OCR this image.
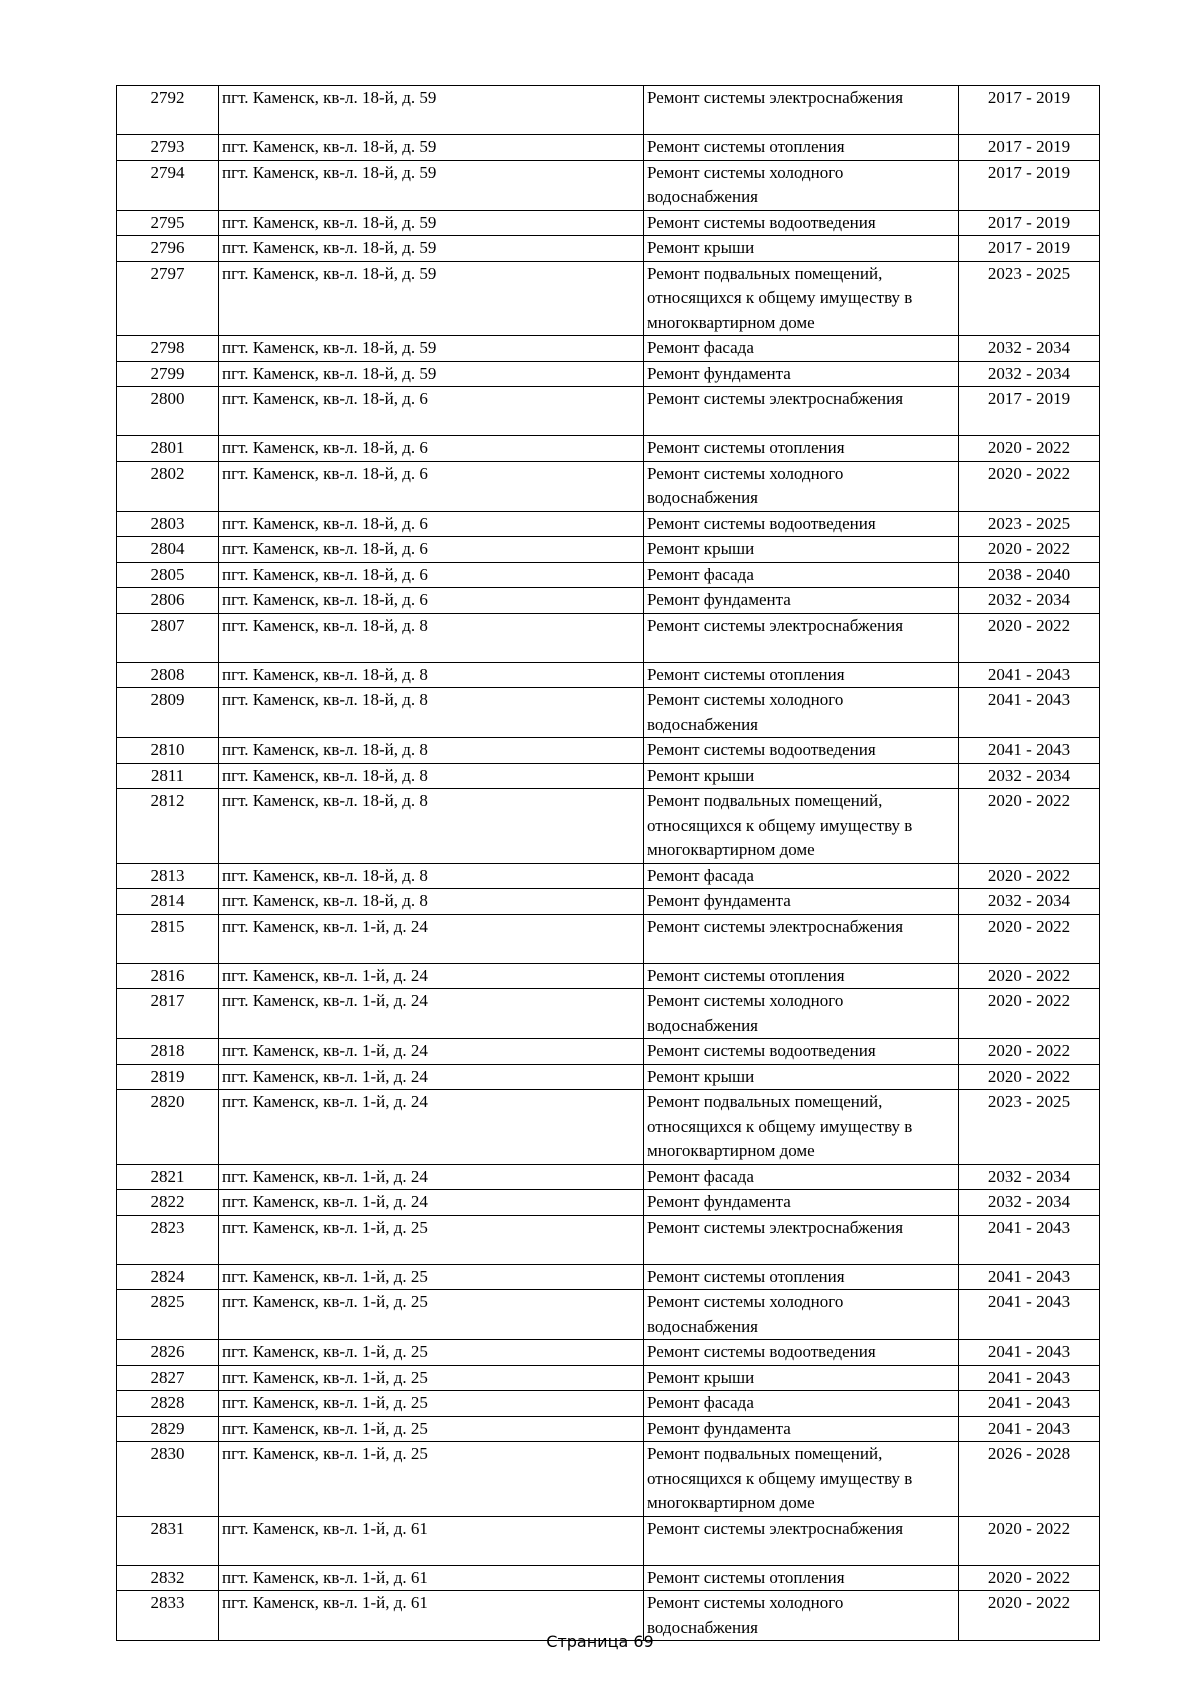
2792	пгт. Каменск, кв-л. 18-й, д. 59	Ремонт системы электроснабжения	2017 - 2019
2793	пгт. Каменск, кв-л. 18-й, д. 59	Ремонт системы отопления	2017 - 2019
2794	пгт. Каменск, кв-л. 18-й, д. 59	Ремонт системы холодного водоснабжения	2017 - 2019
2795	пгт. Каменск, кв-л. 18-й, д. 59	Ремонт системы водоотведения	2017 - 2019
2796	пгт. Каменск, кв-л. 18-й, д. 59	Ремонт крыши	2017 - 2019
2797	пгт. Каменск, кв-л. 18-й, д. 59	Ремонт подвальных помещений, относящихся к общему имуществу в многоквартирном доме	2023 - 2025
2798	пгт. Каменск, кв-л. 18-й, д. 59	Ремонт фасада	2032 - 2034
2799	пгт. Каменск, кв-л. 18-й, д. 59	Ремонт фундамента	2032 - 2034
2800	пгт. Каменск, кв-л. 18-й, д. 6	Ремонт системы электроснабжения	2017 - 2019
2801	пгт. Каменск, кв-л. 18-й, д. 6	Ремонт системы отопления	2020 - 2022
2802	пгт. Каменск, кв-л. 18-й, д. 6	Ремонт системы холодного водоснабжения	2020 - 2022
2803	пгт. Каменск, кв-л. 18-й, д. 6	Ремонт системы водоотведения	2023 - 2025
2804	пгт. Каменск, кв-л. 18-й, д. 6	Ремонт крыши	2020 - 2022
2805	пгт. Каменск, кв-л. 18-й, д. 6	Ремонт фасада	2038 - 2040
2806	пгт. Каменск, кв-л. 18-й, д. 6	Ремонт фундамента	2032 - 2034
2807	пгт. Каменск, кв-л. 18-й, д. 8	Ремонт системы электроснабжения	2020 - 2022
2808	пгт. Каменск, кв-л. 18-й, д. 8	Ремонт системы отопления	2041 - 2043
2809	пгт. Каменск, кв-л. 18-й, д. 8	Ремонт системы холодного водоснабжения	2041 - 2043
2810	пгт. Каменск, кв-л. 18-й, д. 8	Ремонт системы водоотведения	2041 - 2043
2811	пгт. Каменск, кв-л. 18-й, д. 8	Ремонт крыши	2032 - 2034
2812	пгт. Каменск, кв-л. 18-й, д. 8	Ремонт подвальных помещений, относящихся к общему имуществу в многоквартирном доме	2020 - 2022
2813	пгт. Каменск, кв-л. 18-й, д. 8	Ремонт фасада	2020 - 2022
2814	пгт. Каменск, кв-л. 18-й, д. 8	Ремонт фундамента	2032 - 2034
2815	пгт. Каменск, кв-л. 1-й, д. 24	Ремонт системы электроснабжения	2020 - 2022
2816	пгт. Каменск, кв-л. 1-й, д. 24	Ремонт системы отопления	2020 - 2022
2817	пгт. Каменск, кв-л. 1-й, д. 24	Ремонт системы холодного водоснабжения	2020 - 2022
2818	пгт. Каменск, кв-л. 1-й, д. 24	Ремонт системы водоотведения	2020 - 2022
2819	пгт. Каменск, кв-л. 1-й, д. 24	Ремонт крыши	2020 - 2022
2820	пгт. Каменск, кв-л. 1-й, д. 24	Ремонт подвальных помещений, относящихся к общему имуществу в многоквартирном доме	2023 - 2025
2821	пгт. Каменск, кв-л. 1-й, д. 24	Ремонт фасада	2032 - 2034
2822	пгт. Каменск, кв-л. 1-й, д. 24	Ремонт фундамента	2032 - 2034
2823	пгт. Каменск, кв-л. 1-й, д. 25	Ремонт системы электроснабжения	2041 - 2043
2824	пгт. Каменск, кв-л. 1-й, д. 25	Ремонт системы отопления	2041 - 2043
2825	пгт. Каменск, кв-л. 1-й, д. 25	Ремонт системы холодного водоснабжения	2041 - 2043
2826	пгт. Каменск, кв-л. 1-й, д. 25	Ремонт системы водоотведения	2041 - 2043
2827	пгт. Каменск, кв-л. 1-й, д. 25	Ремонт крыши	2041 - 2043
2828	пгт. Каменск, кв-л. 1-й, д. 25	Ремонт фасада	2041 - 2043
2829	пгт. Каменск, кв-л. 1-й, д. 25	Ремонт фундамента	2041 - 2043
2830	пгт. Каменск, кв-л. 1-й, д. 25	Ремонт подвальных помещений, относящихся к общему имуществу в многоквартирном доме	2026 - 2028
2831	пгт. Каменск, кв-л. 1-й, д. 61	Ремонт системы электроснабжения	2020 - 2022
2832	пгт. Каменск, кв-л. 1-й, д. 61	Ремонт системы отопления	2020 - 2022
2833	пгт. Каменск, кв-л. 1-й, д. 61	Ремонт системы холодного водоснабжения	2020 - 2022
Страница 69
